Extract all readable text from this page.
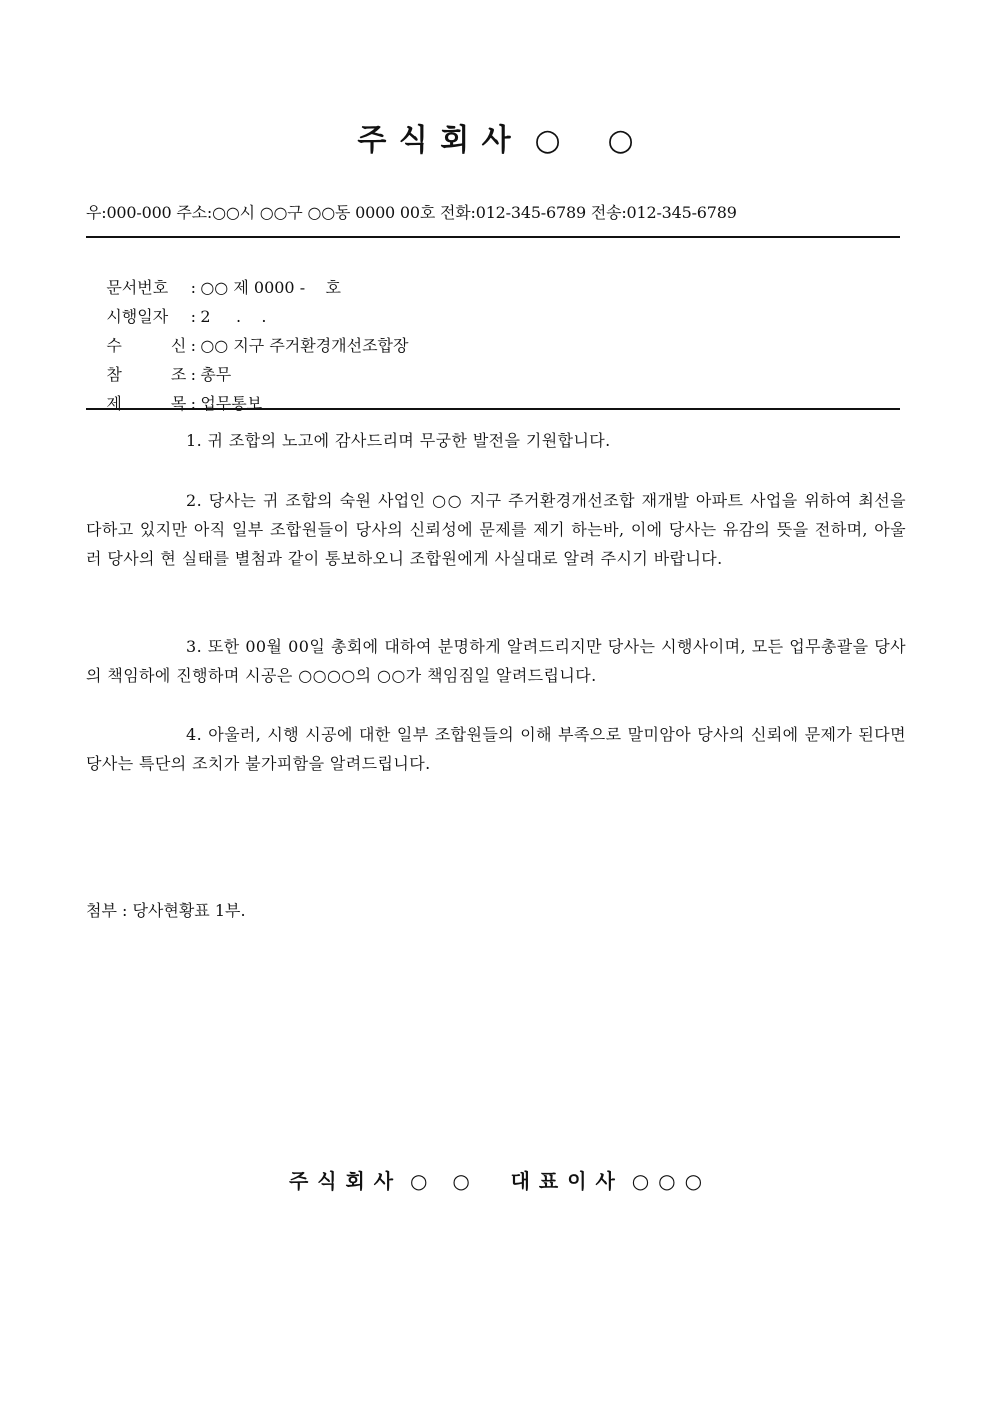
주 식 회 사  ○    ○
우:000-000 주소:○○시 ○○구 ○○동 0000 00호 전화:012-345-6789 전송:012-345-6789

문서번호 : ○○ 제 0000 -    호

시행일자 : 2     .    .

수    신 : ○○ 지구 주거환경개선조합장

참    조 : 총무

제    목 : 업무통보

1. 귀 조합의 노고에 감사드리며 무궁한 발전을 기원합니다.

2. 당사는 귀 조합의 숙원 사업인 ○○ 지구 주거환경개선조합 재개발 아파트 사업을 위하여 최선을 다하고 있지만 아직 일부 조합원들이 당사의 신뢰성에 문제를 제기 하는바, 이에 당사는 유감의 뜻을 전하며, 아울러 당사의 현 실태를 별첨과 같이 통보하오니 조합원에게 사실대로 알려 주시기 바랍니다.

3. 또한 00월 00일 총회에 대하여 분명하게 알려드리지만 당사는 시행사이며, 모든 업무총괄을 당사의 책임하에 진행하며 시공은 ○○○○의 ○○가 책임짐일 알려드립니다.

4. 아울러, 시행 시공에 대한 일부 조합원들의 이해 부족으로 말미암아 당사의 신뢰에 문제가 된다면 당사는 특단의 조치가 불가피함을 알려드립니다.

첨부 : 당사현황표 1부.
주 식 회 사  ○   ○     대 표 이 사  ○ ○ ○
